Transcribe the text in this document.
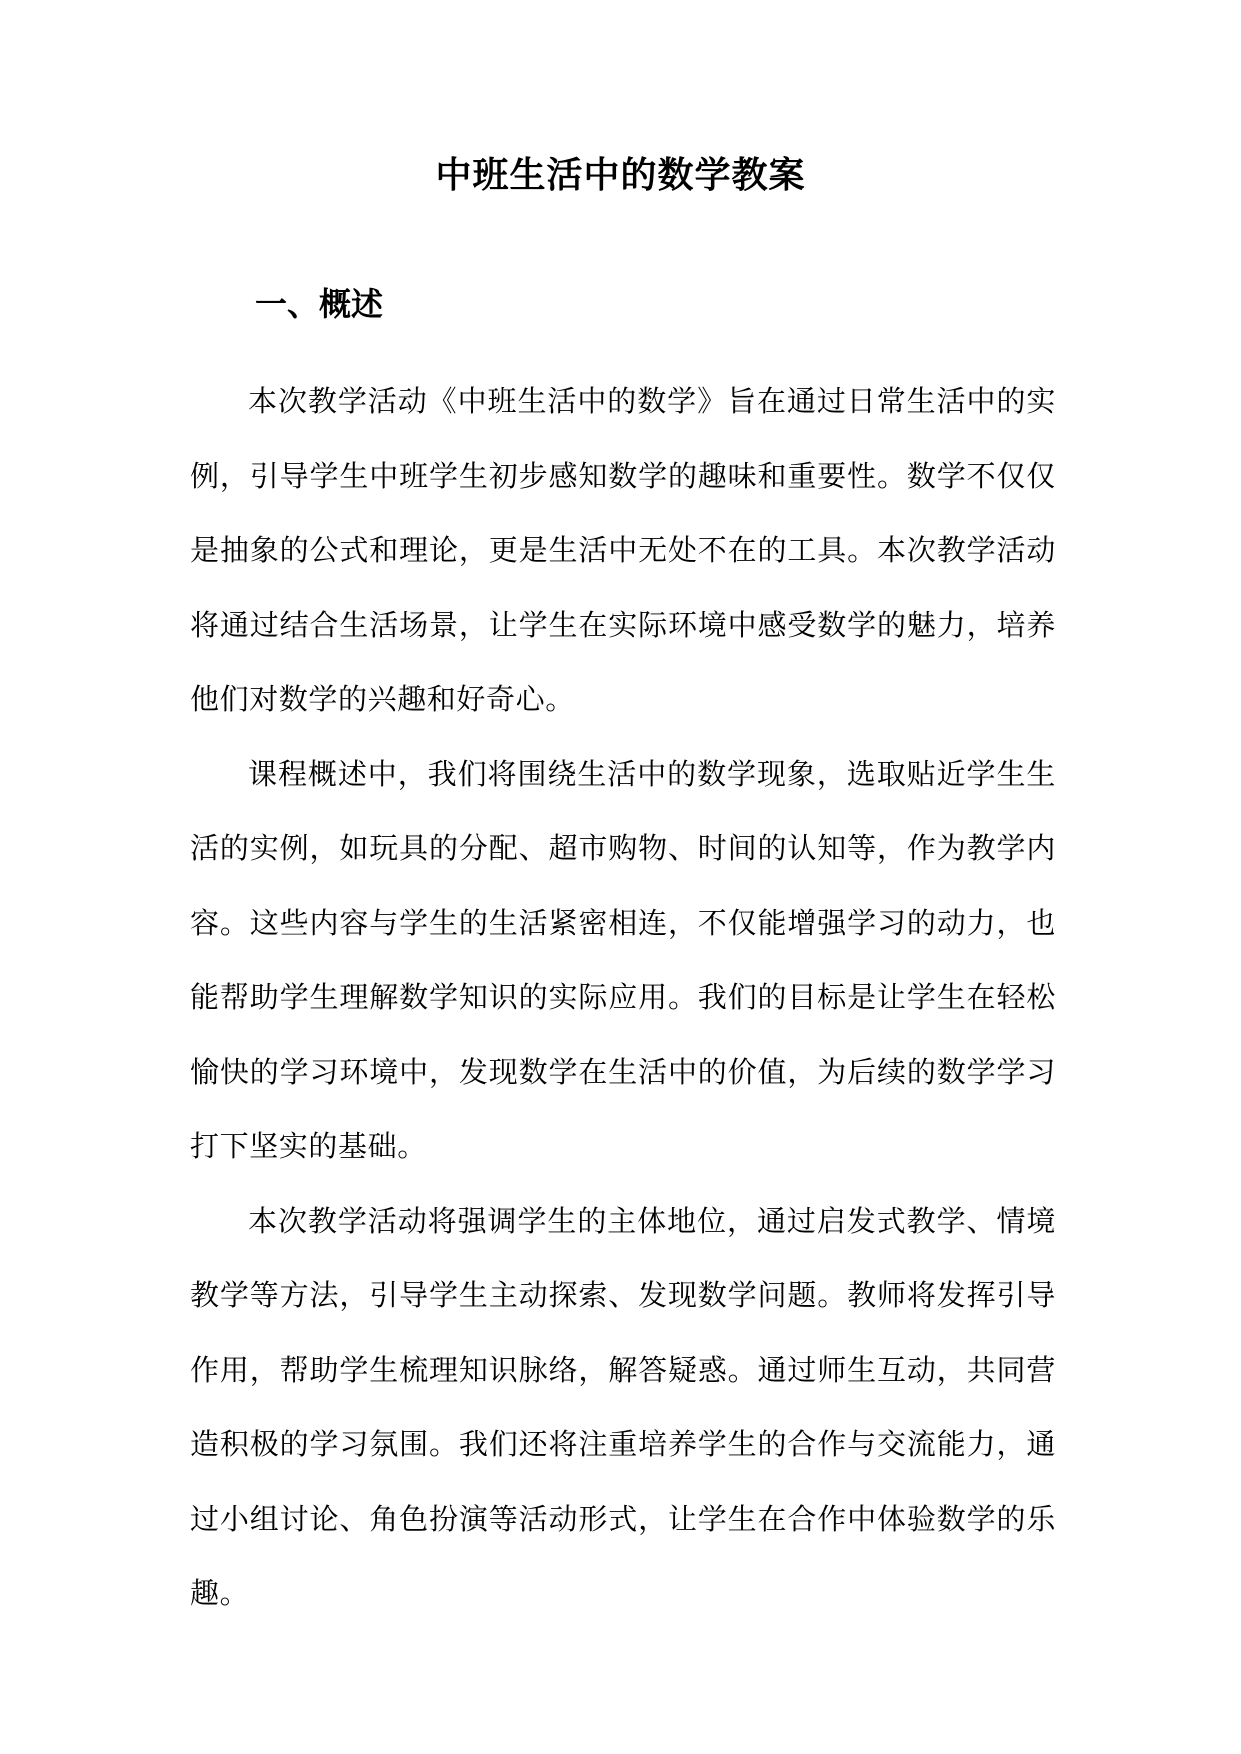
中班生活中的数学教案
一、概述

本次教学活动《中班生活中的数学》旨在通过日常生活中的实例，引导学生中班学生初步感知数学的趣味和重要性。数学不仅仅是抽象的公式和理论，更是生活中无处不在的工具。本次教学活动将通过结合生活场景，让学生在实际环境中感受数学的魅力，培养他们对数学的兴趣和好奇心。

课程概述中，我们将围绕生活中的数学现象，选取贴近学生生活的实例，如玩具的分配、超市购物、时间的认知等，作为教学内容。这些内容与学生的生活紧密相连，不仅能增强学习的动力，也能帮助学生理解数学知识的实际应用。我们的目标是让学生在轻松愉快的学习环境中，发现数学在生活中的价值，为后续的数学学习打下坚实的基础。

本次教学活动将强调学生的主体地位，通过启发式教学、情境教学等方法，引导学生主动探索、发现数学问题。教师将发挥引导作用，帮助学生梳理知识脉络，解答疑惑。通过师生互动，共同营造积极的学习氛围。我们还将注重培养学生的合作与交流能力，通过小组讨论、角色扮演等活动形式，让学生在合作中体验数学的乐趣。
